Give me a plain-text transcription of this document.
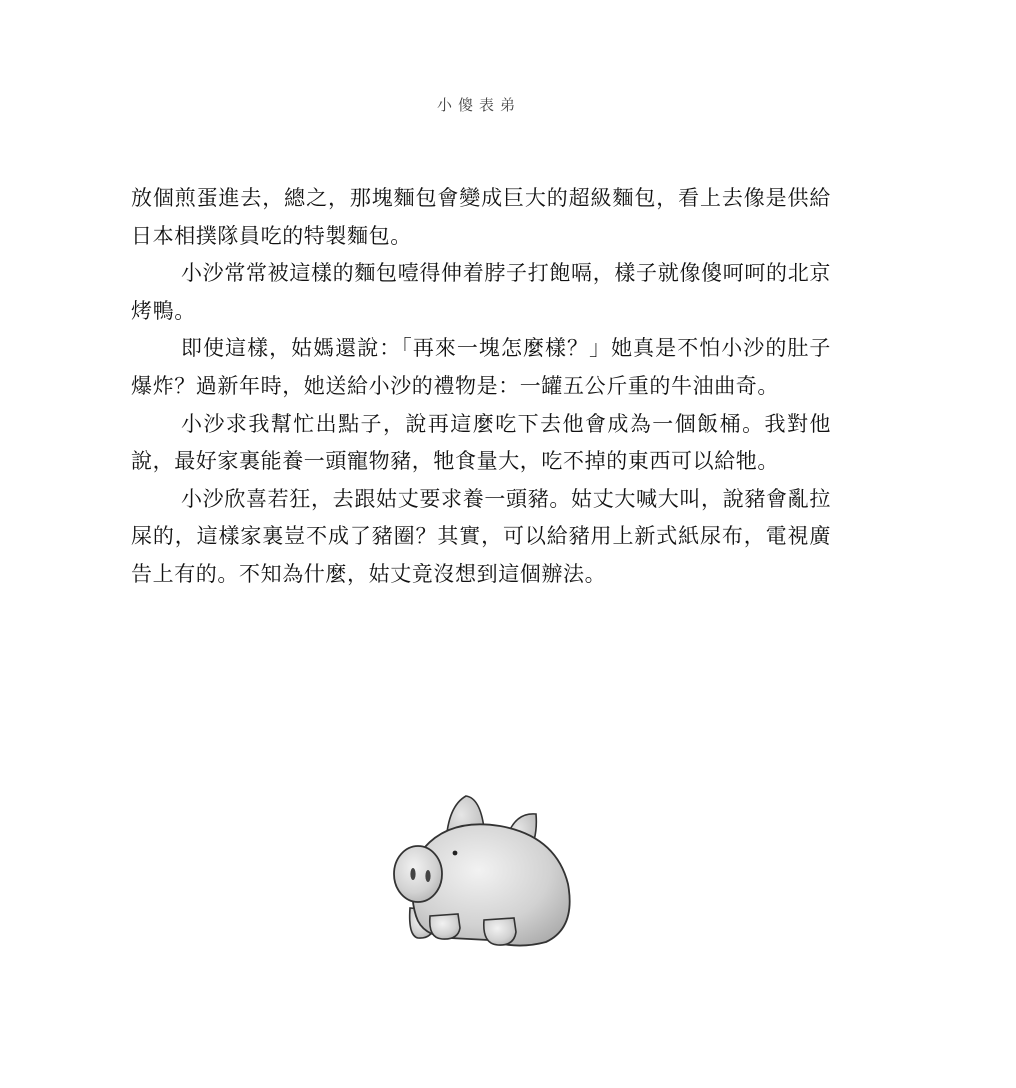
小傻表弟

放個煎蛋進去，總之，那塊麵包會變成巨大的超級麵包，看上去像是供給日本相撲隊員吃的特製麵包。

小沙常常被這樣的麵包噎得伸着脖子打飽嗝，樣子就像傻呵呵的北京烤鴨。

即使這樣，姑媽還說：「再來一塊怎麼樣？」她真是不怕小沙的肚子爆炸？過新年時，她送給小沙的禮物是：一罐五公斤重的牛油曲奇。

小沙求我幫忙出點子，說再這麼吃下去他會成為一個飯桶。我對他說，最好家裏能養一頭寵物豬，牠食量大，吃不掉的東西可以給牠。

小沙欣喜若狂，去跟姑丈要求養一頭豬。姑丈大喊大叫，說豬會亂拉屎的，這樣家裏豈不成了豬圈？其實，可以給豬用上新式紙尿布，電視廣告上有的。不知為什麼，姑丈竟沒想到這個辦法。
